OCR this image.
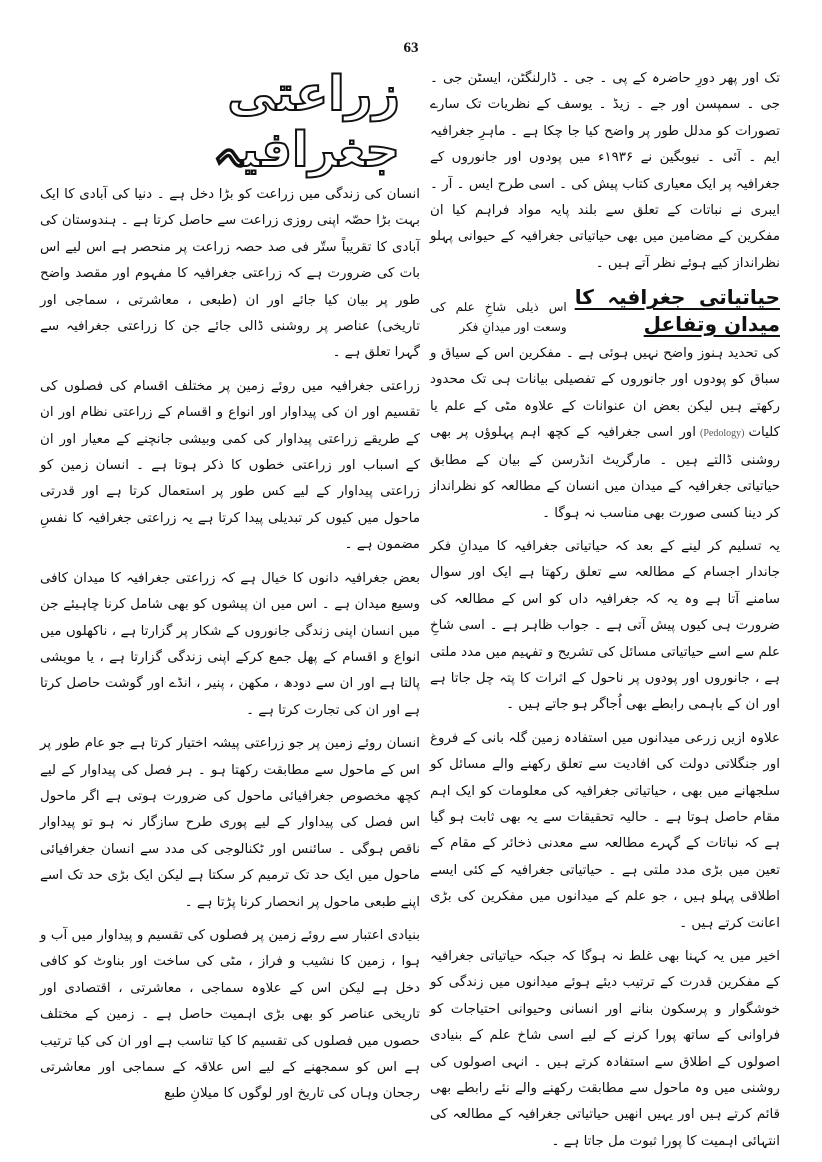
63
زراعتی جغرافیہ

تک اور پھر دورِ حاضرہ کے پی ۔ جی ۔ ڈارلنگٹن، ایسٹن جی ۔ جی ۔ سمپسن اور جے ۔ زیڈ ۔ یوسف کے نظریات تک سارے تصورات کو مدلل طور پر واضح کیا جا چکا ہے ۔ ماہرِ جغرافیہ ایم ۔ آئی ۔ نیوبگین نے ۱۹۳۶ء میں پودوں اور جانوروں کے جغرافیہ پر ایک معیاری کتاب پیش کی ۔ اسی طرح ایس ۔ آر ۔ ایبری نے نباتات کے تعلق سے بلند پایہ مواد فراہم کیا ان مفکرین کے مضامین میں بھی حیاتیاتی جغرافیہ کے حیوانی پہلو نظرانداز کیے ہوئے نظر آتے ہیں ۔

حیاتیاتی جغرافیہ کا میدان وتفاعل
اس ذیلی شاخِ علم کی وسعت اور میدانِ فکر

کی تحدید ہنوز واضح نہیں ہوئی ہے ۔ مفکرین اس کے سیاق و سباق کو پودوں اور جانوروں کے تفصیلی بیانات ہی تک محدود رکھتے ہیں لیکن بعض ان عنوانات کے علاوہ مٹی کے علم یا کلیات(Pedology)اور اسی جغرافیہ کے کچھ اہم پہلوؤں پر بھی روشنی ڈالتے ہیں ۔ مارگریٹ انڈرسن کے بیان کے مطابق حیاتیاتی جغرافیہ کے میدان میں انسان کے مطالعہ کو نظرانداز کر دینا کسی صورت بھی مناسب نہ ہوگا ۔

یہ تسلیم کر لینے کے بعد کہ حیاتیاتی جغرافیہ کا میدانِ فکر جاندار اجسام کے مطالعہ سے تعلق رکھتا ہے ایک اور سوال سامنے آتا ہے وہ یہ کہ جغرافیہ داں کو اس کے مطالعہ کی ضرورت ہی کیوں پیش آتی ہے ۔ جواب ظاہر ہے ۔ اسی شاخِ علم سے اسے حیاتیاتی مسائل کی تشریح و تفہیم میں مدد ملتی ہے ، جانوروں اور پودوں پر ناحول کے اثرات کا پتہ چل جاتا ہے اور ان کے باہمی رابطے بھی اُجاگر ہو جاتے ہیں ۔

علاوہ ازیں زرعی میدانوں میں استفادہ زمین گلہ بانی کے فروغ اور جنگلاتی دولت کی افادیت سے تعلق رکھنے والے مسائل کو سلجھانے میں بھی ، حیاتیاتی جغرافیہ کی معلومات کو ایک اہم مقام حاصل ہوتا ہے ۔ حالیہ تحقیقات سے یہ بھی ثابت ہو گیا ہے کہ نباتات کے گہرے مطالعہ سے معدنی ذخائر کے مقام کے تعین میں بڑی مدد ملتی ہے ۔ حیاتیاتی جغرافیہ کے کئی ایسے اطلاقی پہلو ہیں ، جو علم کے میدانوں میں مفکرین کی بڑی اعانت کرتے ہیں ۔

اخیر میں یہ کہنا بھی غلط نہ ہوگا کہ جبکہ حیاتیاتی جغرافیہ کے مفکرین قدرت کے ترتیب دیئے ہوئے میدانوں میں زندگی کو خوشگوار و پرسکون بنانے اور انسانی وحیوانی احتیاجات کو فراوانی کے ساتھ پورا کرنے کے لیے اسی شاخ علم کے بنیادی اصولوں کے اطلاق سے استفادہ کرتے ہیں ۔ انہی اصولوں کی روشنی میں وہ ماحول سے مطابقت رکھنے والے نئے رابطے بھی قائم کرتے ہیں اور یہیں انھیں حیاتیاتی جغرافیہ کے مطالعہ کی انتہائی اہمیت کا پورا ثبوت مل جاتا ہے ۔

انسان کی زندگی میں زراعت کو بڑا دخل ہے ۔ دنیا کی آبادی کا ایک بہت بڑا حصّہ اپنی روزی زراعت سے حاصل کرتا ہے ۔ ہندوستان کی آبادی کا تقریباً ستّر فی صد حصہ زراعت پر منحصر ہے اس لیے اس بات کی ضرورت ہے کہ زراعتی جغرافیہ کا مفہوم اور مقصد واضح طور پر بیان کیا جائے اور ان (طبعی ، معاشرتی ، سماجی اور تاریخی) عناصر پر روشنی ڈالی جائے جن کا زراعتی جغرافیہ سے گہرا تعلق ہے ۔

زراعتی جغرافیہ میں روئے زمین پر مختلف اقسام کی فصلوں کی تقسیم اور ان کی پیداوار اور انواع و اقسام کے زراعتی نظام اور ان کے طریقے زراعتی پیداوار کی کمی وبیشی جانچنے کے معیار اور ان کے اسباب اور زراعتی خطوں کا ذکر ہوتا ہے ۔ انسان زمین کو زراعتی پیداوار کے لیے کس طور پر استعمال کرتا ہے اور قدرتی ماحول میں کیوں کر تبدیلی پیدا کرتا ہے یہ زراعتی جغرافیہ کا نفسِ مضمون ہے ۔

بعض جغرافیہ دانوں کا خیال ہے کہ زراعتی جغرافیہ کا میدان کافی وسیع میدان ہے ۔ اس میں ان پیشوں کو بھی شامل کرنا چاہیئے جن میں انسان اپنی زندگی جانوروں کے شکار پر گزارتا ہے ، ناکھلوں میں انواع و اقسام کے پھل جمع کرکے اپنی زندگی گزارتا ہے ، یا مویشی پالتا ہے اور ان سے دودھ ، مکھن ، پنیر ، انڈے اور گوشت حاصل کرتا ہے اور ان کی تجارت کرتا ہے ۔

انسان روئے زمین پر جو زراعتی پیشہ اختیار کرتا ہے جو عام طور پر اس کے ماحول سے مطابقت رکھتا ہو ۔ ہر فصل کی پیداوار کے لیے کچھ مخصوص جغرافیائی ماحول کی ضرورت ہوتی ہے اگر ماحول اس فصل کی پیداوار کے لیے پوری طرح سازگار نہ ہو تو پیداوار ناقص ہوگی ۔ سائنس اور ٹکنالوجی کی مدد سے انسان جغرافیائی ماحول میں ایک حد تک ترمیم کر سکتا ہے لیکن ایک بڑی حد تک اسے اپنے طبعی ماحول پر انحصار کرنا پڑتا ہے ۔

بنیادی اعتبار سے روئے زمین پر فصلوں کی تقسیم و پیداوار میں آب و ہوا ، زمین کا نشیب و فراز ، مٹی کی ساخت اور بناوٹ کو کافی دخل ہے لیکن اس کے علاوہ سماجی ، معاشرتی ، اقتصادی اور تاریخی عناصر کو بھی بڑی اہمیت حاصل ہے ۔ زمین کے مختلف حصوں میں فصلوں کی تقسیم کا کیا تناسب ہے اور ان کی کیا ترتیب ہے اس کو سمجھنے کے لیے اس علاقہ کے سماجی اور معاشرتی رجحان وہاں کی تاریخ اور لوگوں کا میلانِ طبع
